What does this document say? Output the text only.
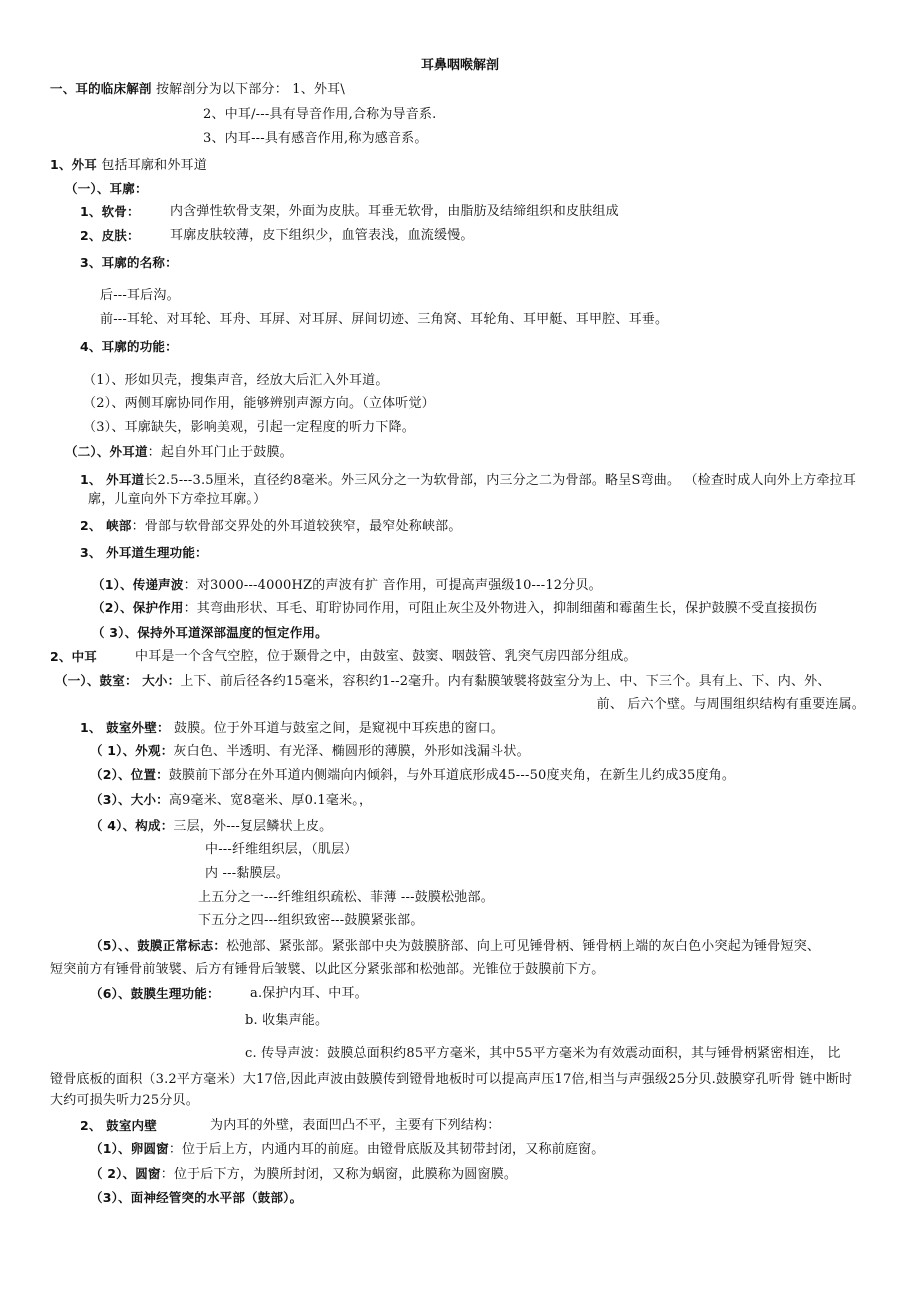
耳鼻咽喉解剖
一、耳的临床解剖 按解剖分为以下部分： 1、外耳\
2、中耳/---具有导音作用,合称为导音系.
3、内耳---具有感音作用,称为感音系。
1、外耳 包括耳廓和外耳道
（一）、耳廓：
1、软骨： 内含弹性软骨支架，外面为皮肤。耳垂无软骨，由脂肪及结缔组织和皮肤组成
2、皮肤： 耳廓皮肤较薄，皮下组织少，血管表浅，血流缓慢。
3、耳廓的名称：
后---耳后沟。
前---耳轮、对耳轮、耳舟、耳屏、对耳屏、屏间切迹、三角窝、耳轮角、耳甲艇、耳甲腔、耳垂。
4、耳廓的功能：
（1）、形如贝壳，搜集声音，经放大后汇入外耳道。
（2）、两侧耳廓协同作用，能够辨别声源方向。（立体听觉）
（3）、耳廓缺失，影响美观，引起一定程度的听力下降。
（二）、外耳道：起自外耳门止于鼓膜。
1、 外耳道长2.5---3.5厘米，直径约8毫米。外三风分之一为软骨部，内三分之二为骨部。略呈S弯曲。 （检查时成人向外上方牵拉耳
廓，儿童向外下方牵拉耳廓。）
2、 峡部：骨部与软骨部交界处的外耳道较狭窄，最窄处称峡部。
3、 外耳道生理功能：
（1）、传递声波：对3000---4000HZ的声波有扩 音作用，可提高声强级10---12分贝。
（2）、保护作用：其弯曲形状、耳毛、耵聍协同作用，可阻止灰尘及外物进入，抑制细菌和霉菌生长，保护鼓膜不受直接损伤
（ 3）、保持外耳道深部温度的恒定作用。
2、中耳	中耳是一个含气空腔，位于颞骨之中，由鼓室、鼓窦、咽鼓管、乳突气房四部分组成。
（一）、鼓室： 大小：上下、前后径各约15毫米，容积约1--2毫升。内有黏膜皱襞将鼓室分为上、中、下三个。具有上、下、内、外、
前、 后六个壁。与周围组织结构有重要连属。
1、 鼓室外壁： 鼓膜。位于外耳道与鼓室之间，是窥视中耳疾患的窗口。
（ 1）、外观：灰白色、半透明、有光泽、椭圆形的薄膜，外形如浅漏斗状。
（2）、位置：鼓膜前下部分在外耳道内侧端向内倾斜，与外耳道底形成45---50度夹角，在新生儿约成35度角。
（3）、大小：高9毫米、宽8毫米、厚0.1毫米。，
（ 4）、构成：三层，外---复层鳞状上皮。
中---纤维组织层，（肌层）
内 ---黏膜层。
上五分之一---纤维组织疏松、菲薄 ---鼓膜松弛部。
下五分之四---组织致密---鼓膜紧张部。
（5）、、鼓膜正常标志：松弛部、紧张部。紧张部中央为鼓膜脐部、向上可见锤骨柄、锤骨柄上端的灰白色小突起为锤骨短突、
短突前方有锤骨前皱襞、后方有锤骨后皱襞、以此区分紧张部和松弛部。光锥位于鼓膜前下方。
（6）、鼓膜生理功能： a.保护内耳、中耳。
b. 收集声能。
c. 传导声波：鼓膜总面积约85平方毫米，其中55平方毫米为有效震动面积，其与锤骨柄紧密相连， 比
镫骨底板的面积（3.2平方毫米）大17倍,因此声波由鼓膜传到镫骨地板时可以提高声压17倍,相当与声强级25分贝.鼓膜穿孔听骨 链中断时
大约可损失听力25分贝。
2、 鼓室内壁	为内耳的外壁，表面凹凸不平，主要有下列结构：
（1）、卵圆窗：位于后上方，内通内耳的前庭。由镫骨底版及其韧带封闭，又称前庭窗。
（ 2）、圆窗：位于后下方，为膜所封闭，又称为蜗窗，此膜称为圆窗膜。
（3）、面神经管突的水平部（鼓部）。
